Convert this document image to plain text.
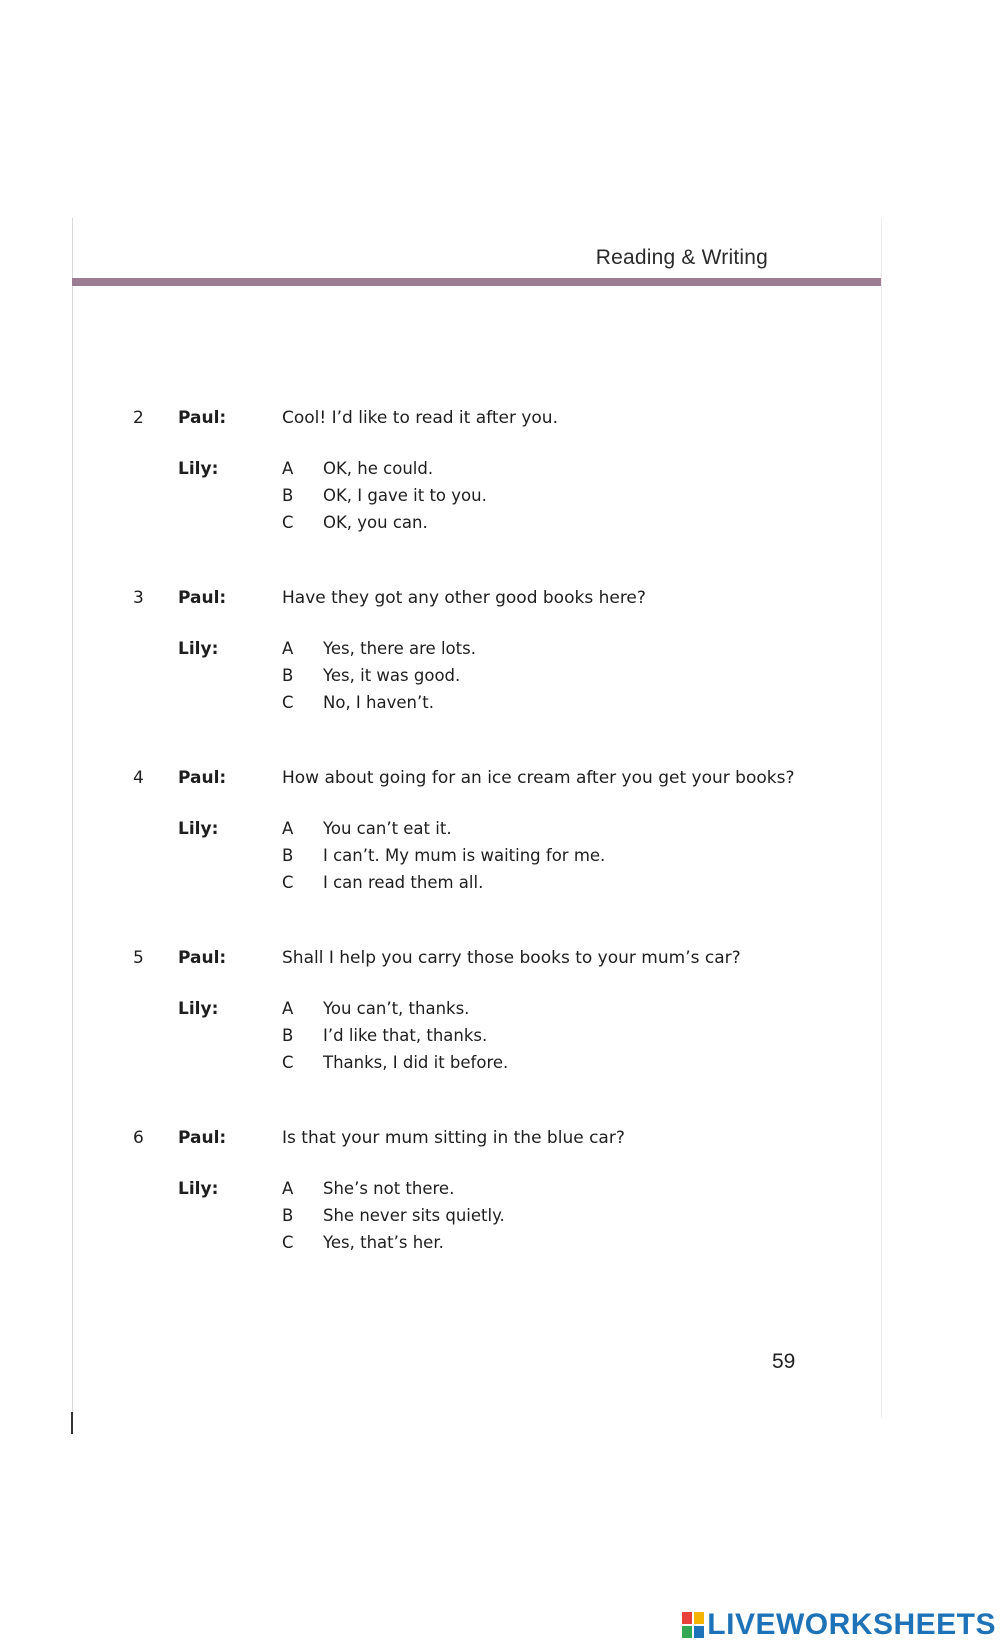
Reading & Writing
2 Paul:	Cool! I’d like to read it after you.
Lily:	A OK, he could.
B OK, I gave it to you.
C OK, you can.
3 Paul:	Have they got any other good books here?
Lily:	A Yes, there are lots.
B Yes, it was good.
C No, I haven’t.
4 Paul:	How about going for an ice cream after you get your books?
Lily:	A You can’t eat it.
B I can’t. My mum is waiting for me.
C I can read them all.
5 Paul:	Shall I help you carry those books to your mum’s car?
Lily:	A You can’t, thanks.
B I’d like that, thanks.
C Thanks, I did it before.
6 Paul:	Is that your mum sitting in the blue car?
Lily:	A She’s not there.
B She never sits quietly.
C Yes, that’s her.
59
LIVEWORKSHEETS
